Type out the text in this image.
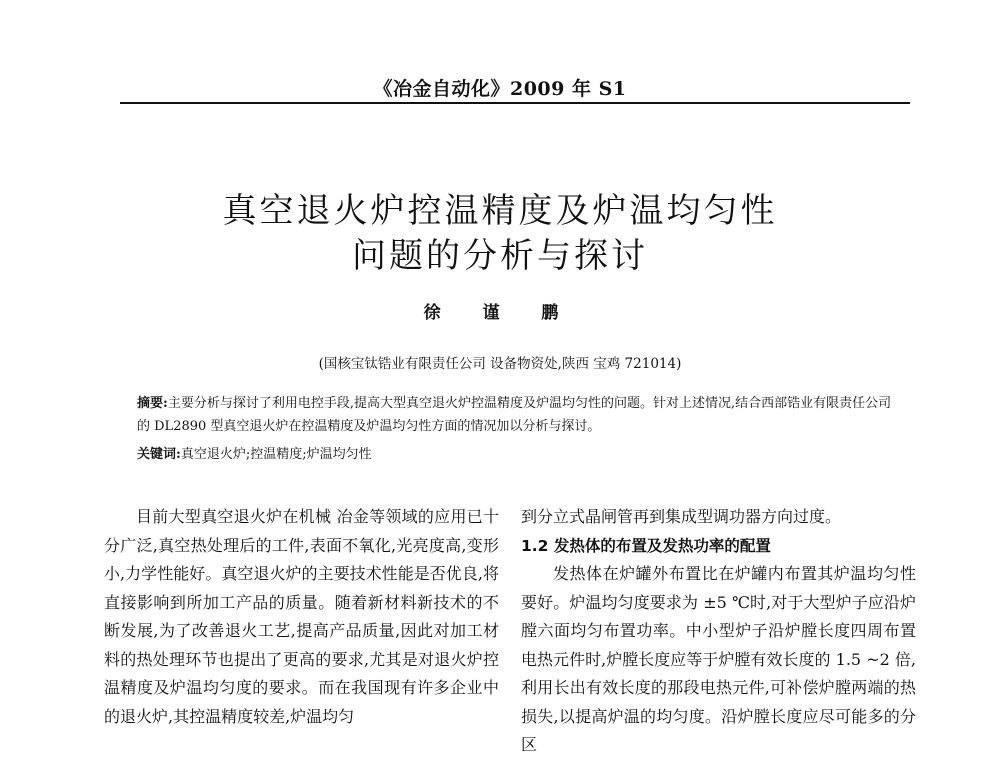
《冶金自动化》2009 年 S1
真空退火炉控温精度及炉温均匀性
问题的分析与探讨
徐 谨 鹏
(国核宝钛锆业有限责任公司 设备物资处,陕西 宝鸡 721014)
摘要:主要分析与探讨了利用电控手段,提高大型真空退火炉控温精度及炉温均匀性的问题。针对上述情况,结合西部锆业有限责任公司的 DL2890 型真空退火炉在控温精度及炉温均匀性方面的情况加以分析与探讨。
关键词:真空退火炉;控温精度;炉温均匀性

目前大型真空退火炉在机械 冶金等领域的应用已十分广泛,真空热处理后的工件,表面不氧化,光亮度高,变形小,力学性能好。真空退火炉的主要技术性能是否优良,将直接影响到所加工产品的质量。随着新材料新技术的不断发展,为了改善退火工艺,提高产品质量,因此对加工材料的热处理环节也提出了更高的要求,尤其是对退火炉控温精度及炉温均匀度的要求。而在我国现有许多企业中的退火炉,其控温精度较差,炉温均匀

到分立式晶闸管再到集成型调功器方向过度。

1.2 发热体的布置及发热功率的配置

发热体在炉罐外布置比在炉罐内布置其炉温均匀性要好。炉温均匀度要求为 ±5 ℃时,对于大型炉子应沿炉膛六面均匀布置功率。中小型炉子沿炉膛长度四周布置电热元件时,炉膛长度应等于炉膛有效长度的 1.5 ~2 倍,利用长出有效长度的那段电热元件,可补偿炉膛两端的热损失,以提高炉温的均匀度。沿炉膛长度应尽可能多的分区
